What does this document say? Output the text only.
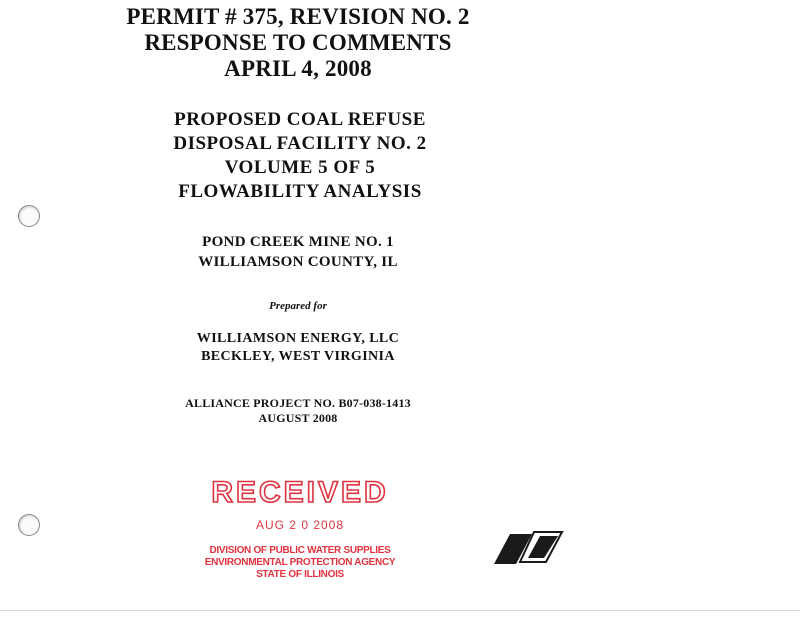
PERMIT # 375, REVISION NO. 2
RESPONSE TO COMMENTS
APRIL 4, 2008
PROPOSED COAL REFUSE
DISPOSAL FACILITY NO. 2
VOLUME 5 OF 5
FLOWABILITY ANALYSIS
POND CREEK MINE NO. 1
WILLIAMSON COUNTY, IL
Prepared for
WILLIAMSON ENERGY, LLC
BECKLEY, WEST VIRGINIA
ALLIANCE PROJECT NO. B07-038-1413
AUGUST 2008
RECEIVED
AUG 2 0 2008
DIVISION OF PUBLIC WATER SUPPLIES
ENVIRONMENTAL PROTECTION AGENCY
STATE OF ILLINOIS
